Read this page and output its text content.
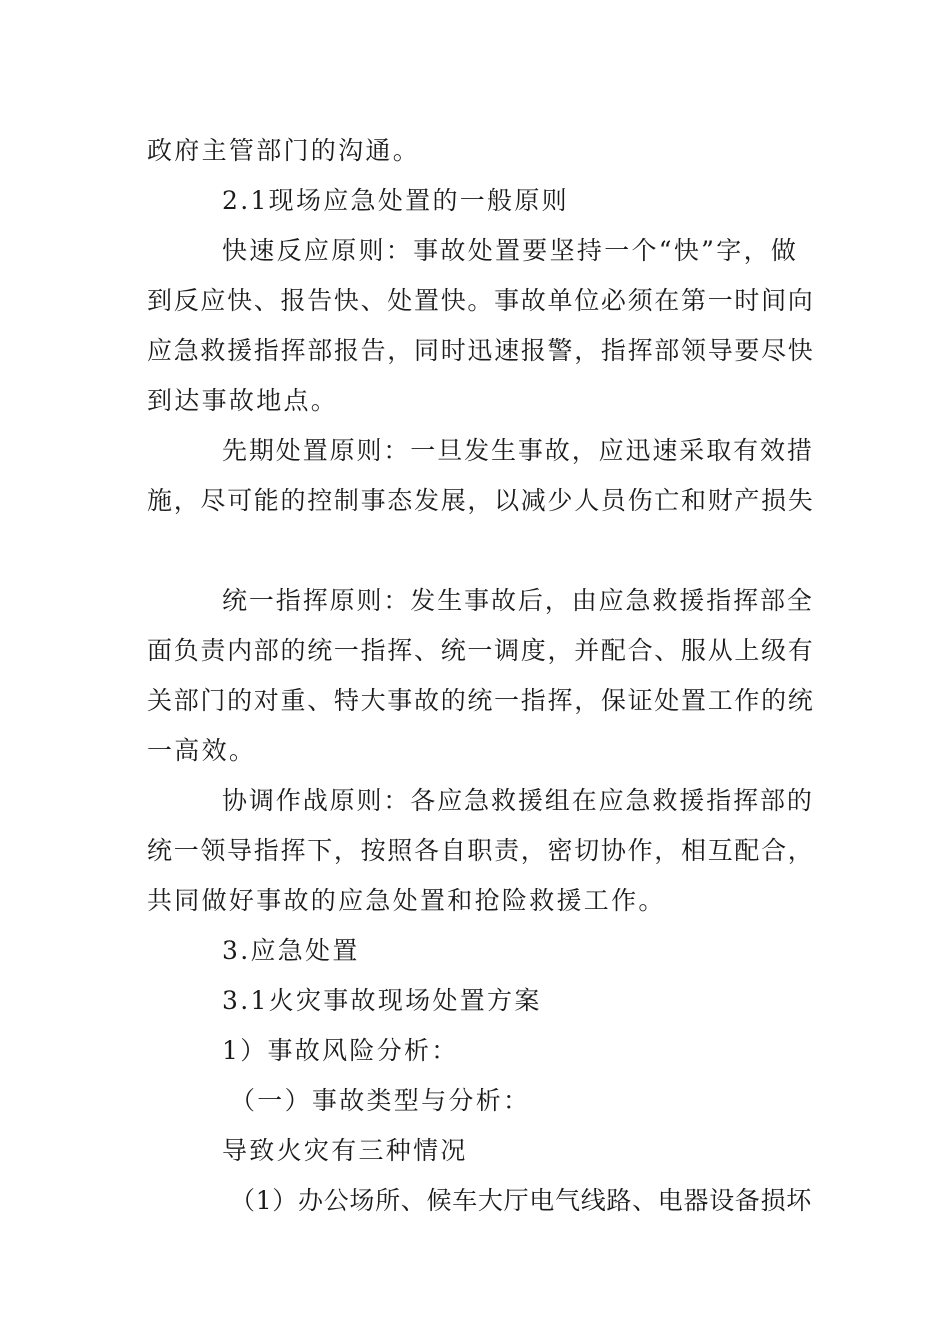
政府主管部门的沟通。
2.1现场应急处置的一般原则
快速反应原则：事故处置要坚持一个“快”字，做
到反应快、报告快、处置快。事故单位必须在第一时间向
应急救援指挥部报告，同时迅速报警，指挥部领导要尽快
到达事故地点。
先期处置原则：一旦发生事故，应迅速采取有效措
施，尽可能的控制事态发展，以减少人员伤亡和财产损失
统一指挥原则：发生事故后，由应急救援指挥部全
面负责内部的统一指挥、统一调度，并配合、服从上级有
关部门的对重、特大事故的统一指挥，保证处置工作的统
一高效。
协调作战原则：各应急救援组在应急救援指挥部的
统一领导指挥下，按照各自职责，密切协作，相互配合，
共同做好事故的应急处置和抢险救援工作。
3.应急处置
3.1火灾事故现场处置方案
1）事故风险分析：
（一）事故类型与分析：
导致火灾有三种情况
（1）办公场所、候车大厅电气线路、电器设备损坏
